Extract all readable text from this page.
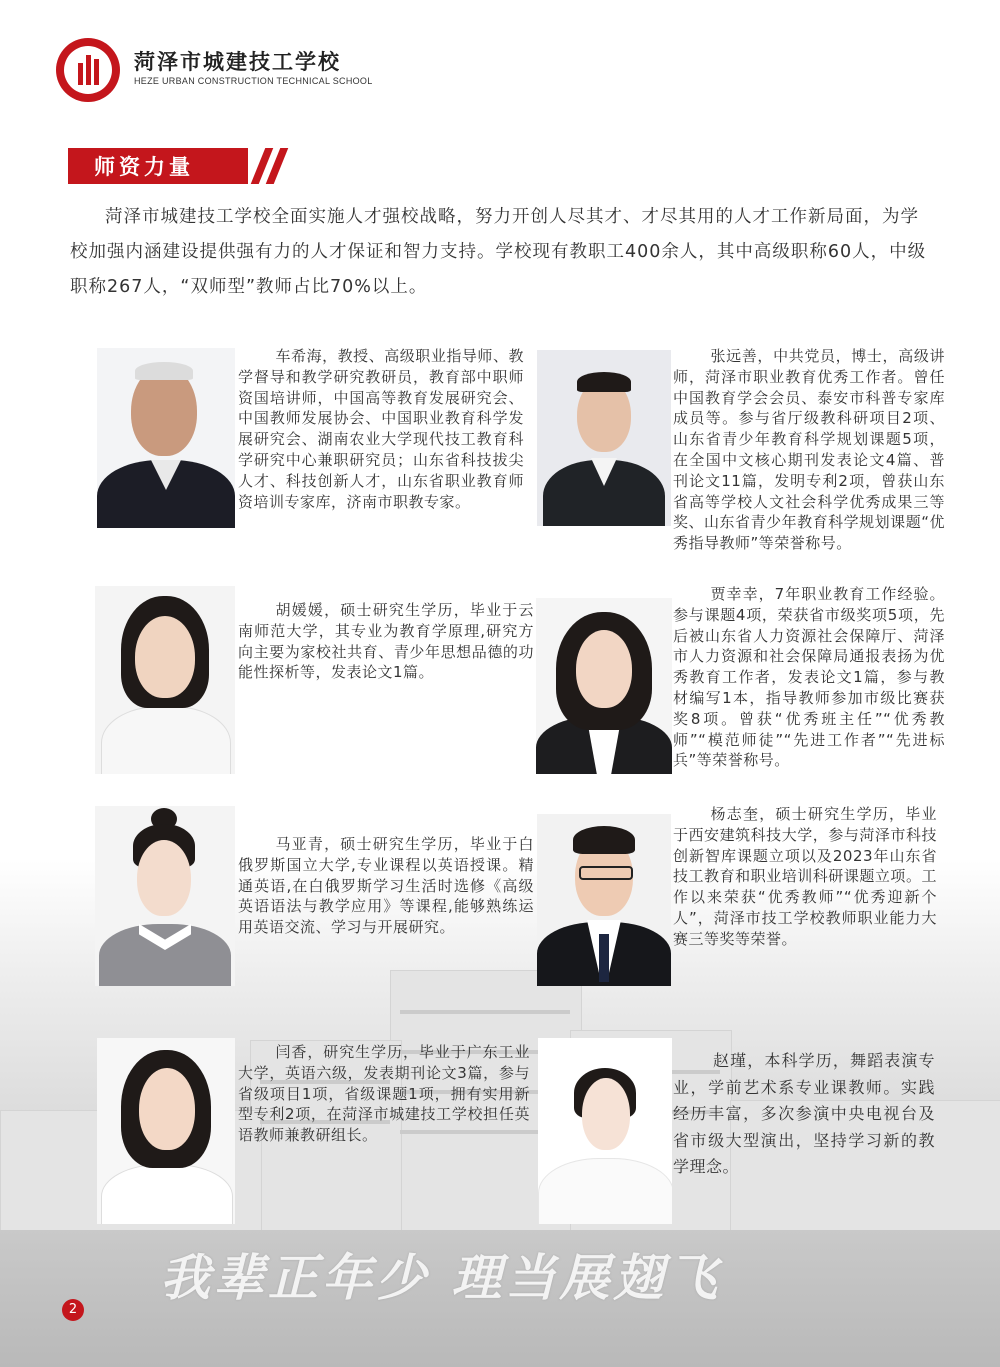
菏泽市城建技工学校
HEZE URBAN CONSTRUCTION TECHNICAL SCHOOL
师资力量
菏泽市城建技工学校全面实施人才强校战略，努力开创人尽其才、才尽其用的人才工作新局面，为学校加强内涵建设提供强有力的人才保证和智力支持。学校现有教职工400余人，其中高级职称60人，中级职称267人，“双师型”教师占比70%以上。
车希海，教授、高级职业指导师、教学督导和教学研究教研员，教育部中职师资国培讲师，中国高等教育发展研究会、中国教师发展协会、中国职业教育科学发展研究会、湖南农业大学现代技工教育科学研究中心兼职研究员；山东省科技拔尖人才、科技创新人才，山东省职业教育师资培训专家库，济南市职教专家。
张远善，中共党员，博士，高级讲师，菏泽市职业教育优秀工作者。曾任中国教育学会会员、泰安市科普专家库成员等。参与省厅级教科研项目2项、山东省青少年教育科学规划课题5项，在全国中文核心期刊发表论文4篇、普刊论文11篇，发明专利2项，曾获山东省高等学校人文社会科学优秀成果三等奖、山东省青少年教育科学规划课题“优秀指导教师”等荣誉称号。
胡媛媛，硕士研究生学历，毕业于云南师范大学，其专业为教育学原理,研究方向主要为家校社共育、青少年思想品德的功能性探析等，发表论文1篇。
贾幸幸，7年职业教育工作经验。参与课题4项，荣获省市级奖项5项，先后被山东省人力资源社会保障厅、菏泽市人力资源和社会保障局通报表扬为优秀教育工作者，发表论文1篇，参与教材编写1本，指导教师参加市级比赛获奖8项。曾获“优秀班主任”“优秀教师”“模范师徒”“先进工作者”“先进标兵”等荣誉称号。
马亚青，硕士研究生学历，毕业于白俄罗斯国立大学,专业课程以英语授课。精通英语,在白俄罗斯学习生活时选修《高级英语语法与教学应用》等课程,能够熟练运用英语交流、学习与开展研究。
杨志奎，硕士研究生学历，毕业于西安建筑科技大学，参与菏泽市科技创新智库课题立项以及2023年山东省技工教育和职业培训科研课题立项。工作以来荣获“优秀教师”“优秀迎新个人”，菏泽市技工学校教师职业能力大赛三等奖等荣誉。
闫香，研究生学历，毕业于广东工业大学，英语六级，发表期刊论文3篇，参与省级项目1项，省级课题1项，拥有实用新型专利2项，在菏泽市城建技工学校担任英语教师兼教研组长。
赵瑾，本科学历，舞蹈表演专业，学前艺术系专业课教师。实践经历丰富，多次参演中央电视台及省市级大型演出，坚持学习新的教学理念。
我辈正年少 理当展翅飞
2
